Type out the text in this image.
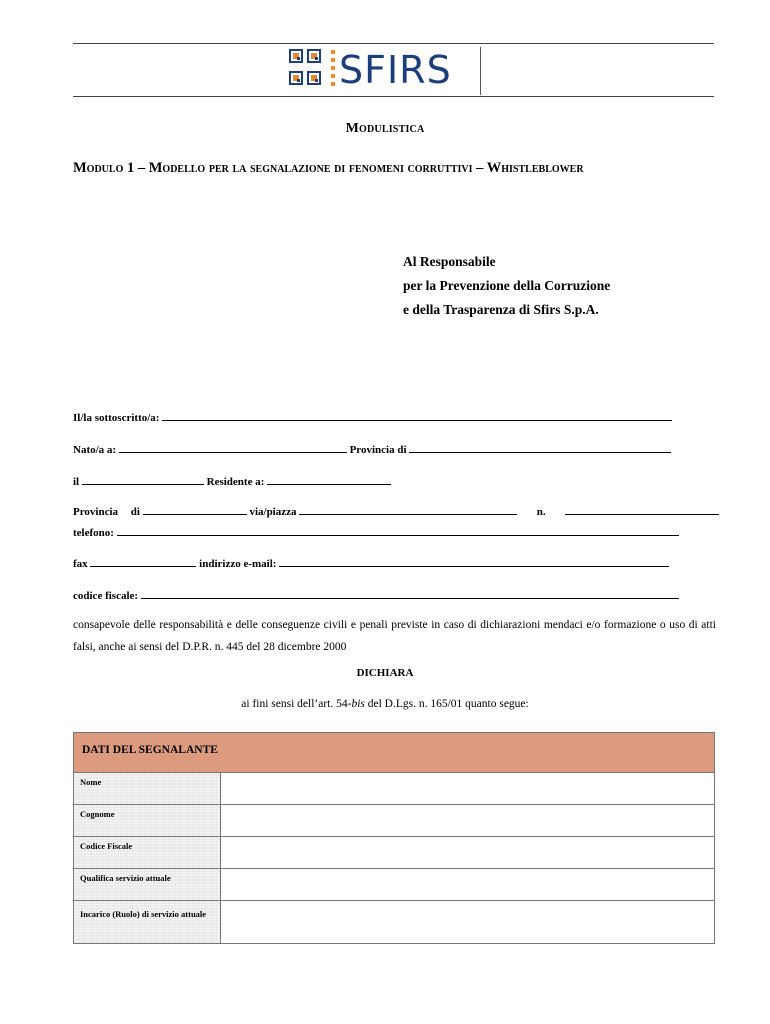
SFIRS
Modulistica
Modulo 1 – Modello per la segnalazione di fenomeni corruttivi – Whistleblower
Al Responsabile
per la Prevenzione della Corruzione
e della Trasparenza di Sfirs S.p.A.
Il/la sottoscritto/a:
Nato/a a:	Provincia di
il	Residente a:
Provincia di	via/piazza	n.
telefono:
fax	indirizzo e-mail:
codice fiscale:
consapevole delle responsabilità e delle conseguenze civili e penali previste in caso di dichiarazioni mendaci e/o formazione o uso di atti falsi, anche ai sensi del D.P.R. n. 445 del 28 dicembre 2000
DICHIARA
ai fini sensi dell’art. 54-bis del D.Lgs. n. 165/01 quanto segue:
DATI DEL SEGNALANTE	
Nome	
Cognome	
Codice Fiscale	
Qualifica servizio attuale	
Incarico (Ruolo) di servizio attuale	
